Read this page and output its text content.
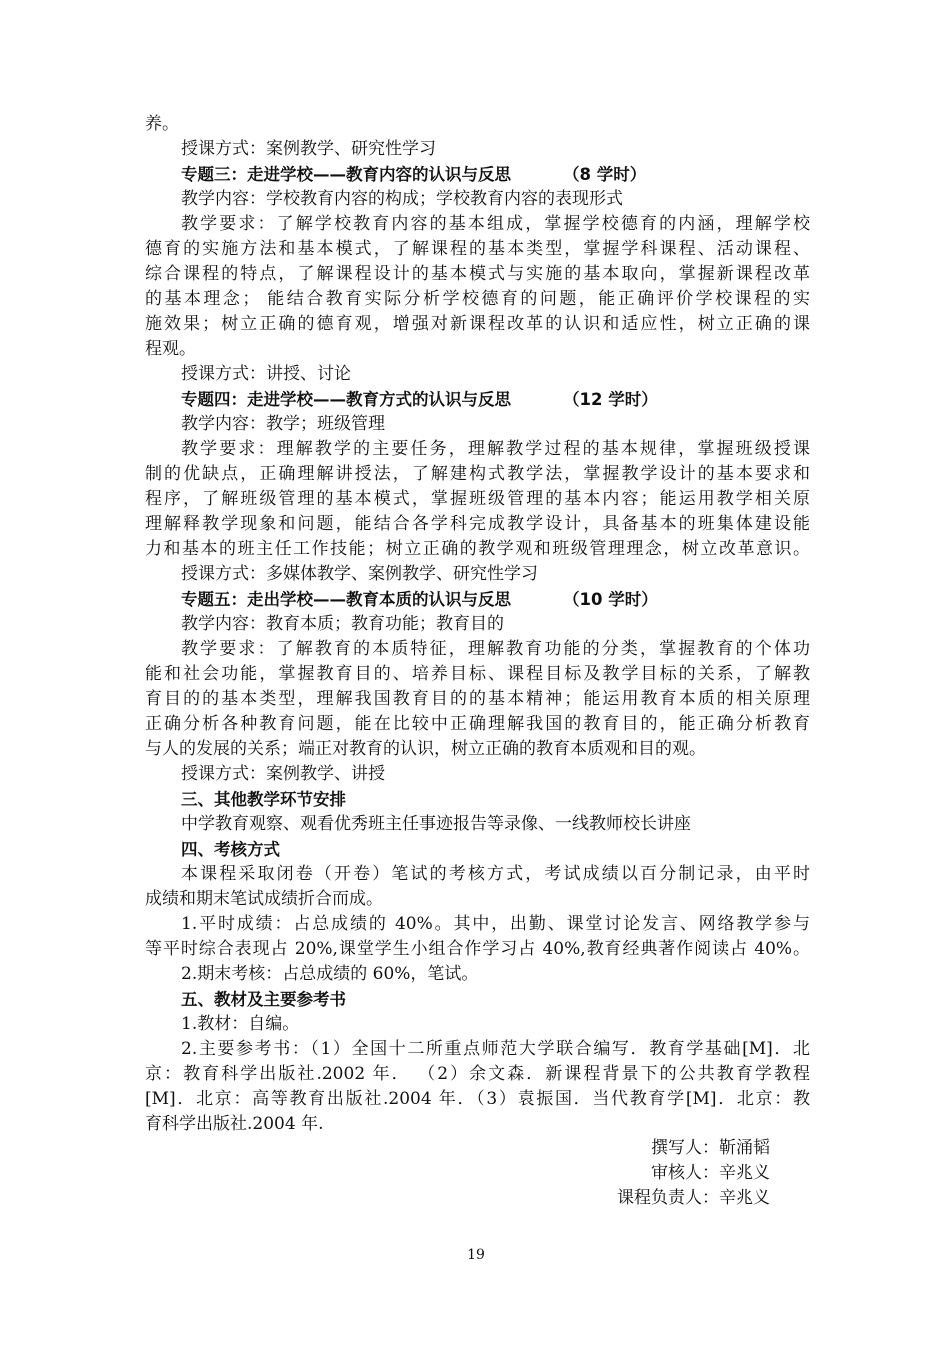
养。
授课方式：案例教学、研究性学习
专题三：走进学校——教育内容的认识与反思	（8 学时）
教学内容：学校教育内容的构成；学校教育内容的表现形式
教学要求：了解学校教育内容的基本组成，掌握学校德育的内涵，理解学校
德育的实施方法和基本模式，了解课程的基本类型，掌握学科课程、活动课程、
综合课程的特点，了解课程设计的基本模式与实施的基本取向，掌握新课程改革
的基本理念； 能结合教育实际分析学校德育的问题，能正确评价学校课程的实
施效果；树立正确的德育观，增强对新课程改革的认识和适应性，树立正确的课
程观。
授课方式：讲授、讨论
专题四：走进学校——教育方式的认识与反思	（12 学时）
教学内容：教学；班级管理
教学要求：理解教学的主要任务，理解教学过程的基本规律，掌握班级授课
制的优缺点，正确理解讲授法，了解建构式教学法，掌握教学设计的基本要求和
程序，了解班级管理的基本模式，掌握班级管理的基本内容；能运用教学相关原
理解释教学现象和问题，能结合各学科完成教学设计，具备基本的班集体建设能
力和基本的班主任工作技能；树立正确的教学观和班级管理理念，树立改革意识。
授课方式：多媒体教学、案例教学、研究性学习
专题五：走出学校——教育本质的认识与反思	（10 学时）
教学内容：教育本质；教育功能；教育目的
教学要求：了解教育的本质特征，理解教育功能的分类，掌握教育的个体功
能和社会功能，掌握教育目的、培养目标、课程目标及教学目标的关系，了解教
育目的的基本类型，理解我国教育目的的基本精神；能运用教育本质的相关原理
正确分析各种教育问题，能在比较中正确理解我国的教育目的，能正确分析教育
与人的发展的关系；端正对教育的认识，树立正确的教育本质观和目的观。
授课方式：案例教学、讲授
三、其他教学环节安排
中学教育观察、观看优秀班主任事迹报告等录像、一线教师校长讲座
四、考核方式
本课程采取闭卷（开卷）笔试的考核方式，考试成绩以百分制记录，由平时
成绩和期末笔试成绩折合而成。
1.平时成绩：占总成绩的 40%。其中，出勤、课堂讨论发言、网络教学参与
等平时综合表现占 20%,课堂学生小组合作学习占 40%,教育经典著作阅读占 40%。
2.期末考核：占总成绩的 60%，笔试。
五、教材及主要参考书
1.教材：自编。
2.主要参考书：（1）全国十二所重点师范大学联合编写．教育学基础[M]．北
京：教育科学出版社.2002 年． （2）余文森．新课程背景下的公共教育学教程
[M]．北京：高等教育出版社.2004 年．（3）袁振国．当代教育学[M]．北京：教
育科学出版社.2004 年.
撰写人：靳涌韬
审核人：辛兆义
课程负责人：辛兆义
19
